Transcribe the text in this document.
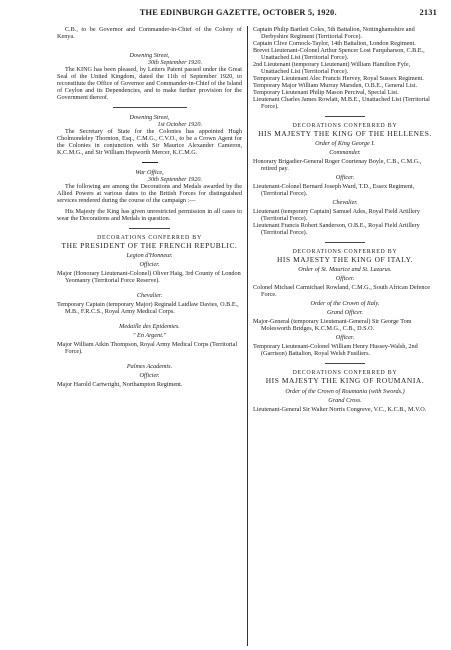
THE EDINBURGH GAZETTE, OCTOBER 5, 1920.	2131

C.B., to be Governor and Commander-in-Chief of the Colony of Kenya.

Downing Street,

30th September 1920.

The KING has been pleased, by Letters Patent passed under the Great Seal of the United Kingdom, dated the 11th of September 1920, to reconstitute the Office of Governor and Commander-in-Chief of the Island of Ceylon and its Dependencies, and to make further provision for the Government thereof.

Downing Street,

1st October 1920.

The Secretary of State for the Colonies has appointed Hugh Cholmondeley Thornton, Esq., C.M.G., C.V.O., to be a Crown Agent for the Colonies in conjunction with Sir Maurice Alexander Cameron, K.C.M.G., and Sir William Hepworth Mercer, K.C.M.G.

War Office,

30th September 1920.

The following are among the Decorations and Medals awarded by the Allied Powers at various dates to the British Forces for distinguished services rendered during the course of the campaign :—

His Majesty the King has given unrestricted permission in all cases to wear the Decorations and Medals in question.

DECORATIONS CONFERRED BY

THE PRESIDENT OF THE FRENCH REPUBLIC.

Legion d'Honneur.

Officier.

Major (Honorary Lieutenant-Colonel) Oliver Haig, 3rd County of London Yeomanry (Territorial Force Reserve).

Chevalier.

Temporary Captain (temporary Major) Reginald Laidlaw Davies, O.B.E., M.B., F.R.C.S., Royal Army Medical Corps.

Medaille des Epidemies.

" En Argent."

Major William Atkin Thompson, Royal Army Medical Corps (Territorial Force).

Palmes Academis.

Officier.

Major Harold Cartwright, Northampton Regiment.

Captain Philip Bartlett Coles, 5th Battalion, Nottinghamshire and Derbyshire Regiment (Territorial Force).

Captain Clive Cornock-Taylor, 14th Battalion, London Regiment.

Brevet Lieutenant-Colonel Arthur Spencer Lost Farquharson, C.B.E., Unattached List (Territorial Force).

2nd Lieutenant (temporary Lieutenant) William Hamilton Fyfe, Unattached List (Territorial Force).

Temporary Lieutenant Alec Francis Hervey, Royal Sussex Regiment.

Temporary Major William Murray Marsden, O.B.E., General List.

Temporary Lieutenant Philip Mason Percival, Special List.

Lieutenant Charles James Rowlatt, M.B.E., Unattached List (Territorial Force).

DECORATIONS CONFERRED BY

HIS MAJESTY THE KING OF THE HELLENES.

Order of King George I.

Commander.

Honorary Brigadier-General Roger Courtenay Boyle, C.B., C.M.G., retired pay.

Officer.

Lieutenant-Colonel Bernard Joseph Ward, T.D., Essex Regiment, (Territorial Force).

Chevalier.

Lieutenant (temporary Captain) Samuel Ades, Royal Field Artillery (Territorial Force).

Lieutenant Francis Robert Sanderson, O.B.E., Royal Field Artillery (Territorial Force).

DECORATIONS CONFERRED BY

HIS MAJESTY THE KING OF ITALY.

Order of St. Maurice and St. Lazarus.

Officer.

Colonel Michael Carmichael Rowland, C.M.G., South African Defence Force.

Order of the Crown of Italy.

Grand Officer.

Major-General (temporary Lieutenant-General) Sir George Tom Molesworth Bridges, K.C.M.G., C.B., D.S.O.

Officer.

Temporary Lieutenant-Colonel William Henry Hussey-Walsh, 2nd (Garrison) Battalion, Royal Welsh Fusiliers.

DECORATIONS CONFERRED BY

HIS MAJESTY THE KING OF ROUMANIA.

Order of the Crown of Roumania (with Swords.)

Grand Cross.

Lieutenant-General Sir Walter Norris Congreve, V.C., K.C.B., M.V.O.
